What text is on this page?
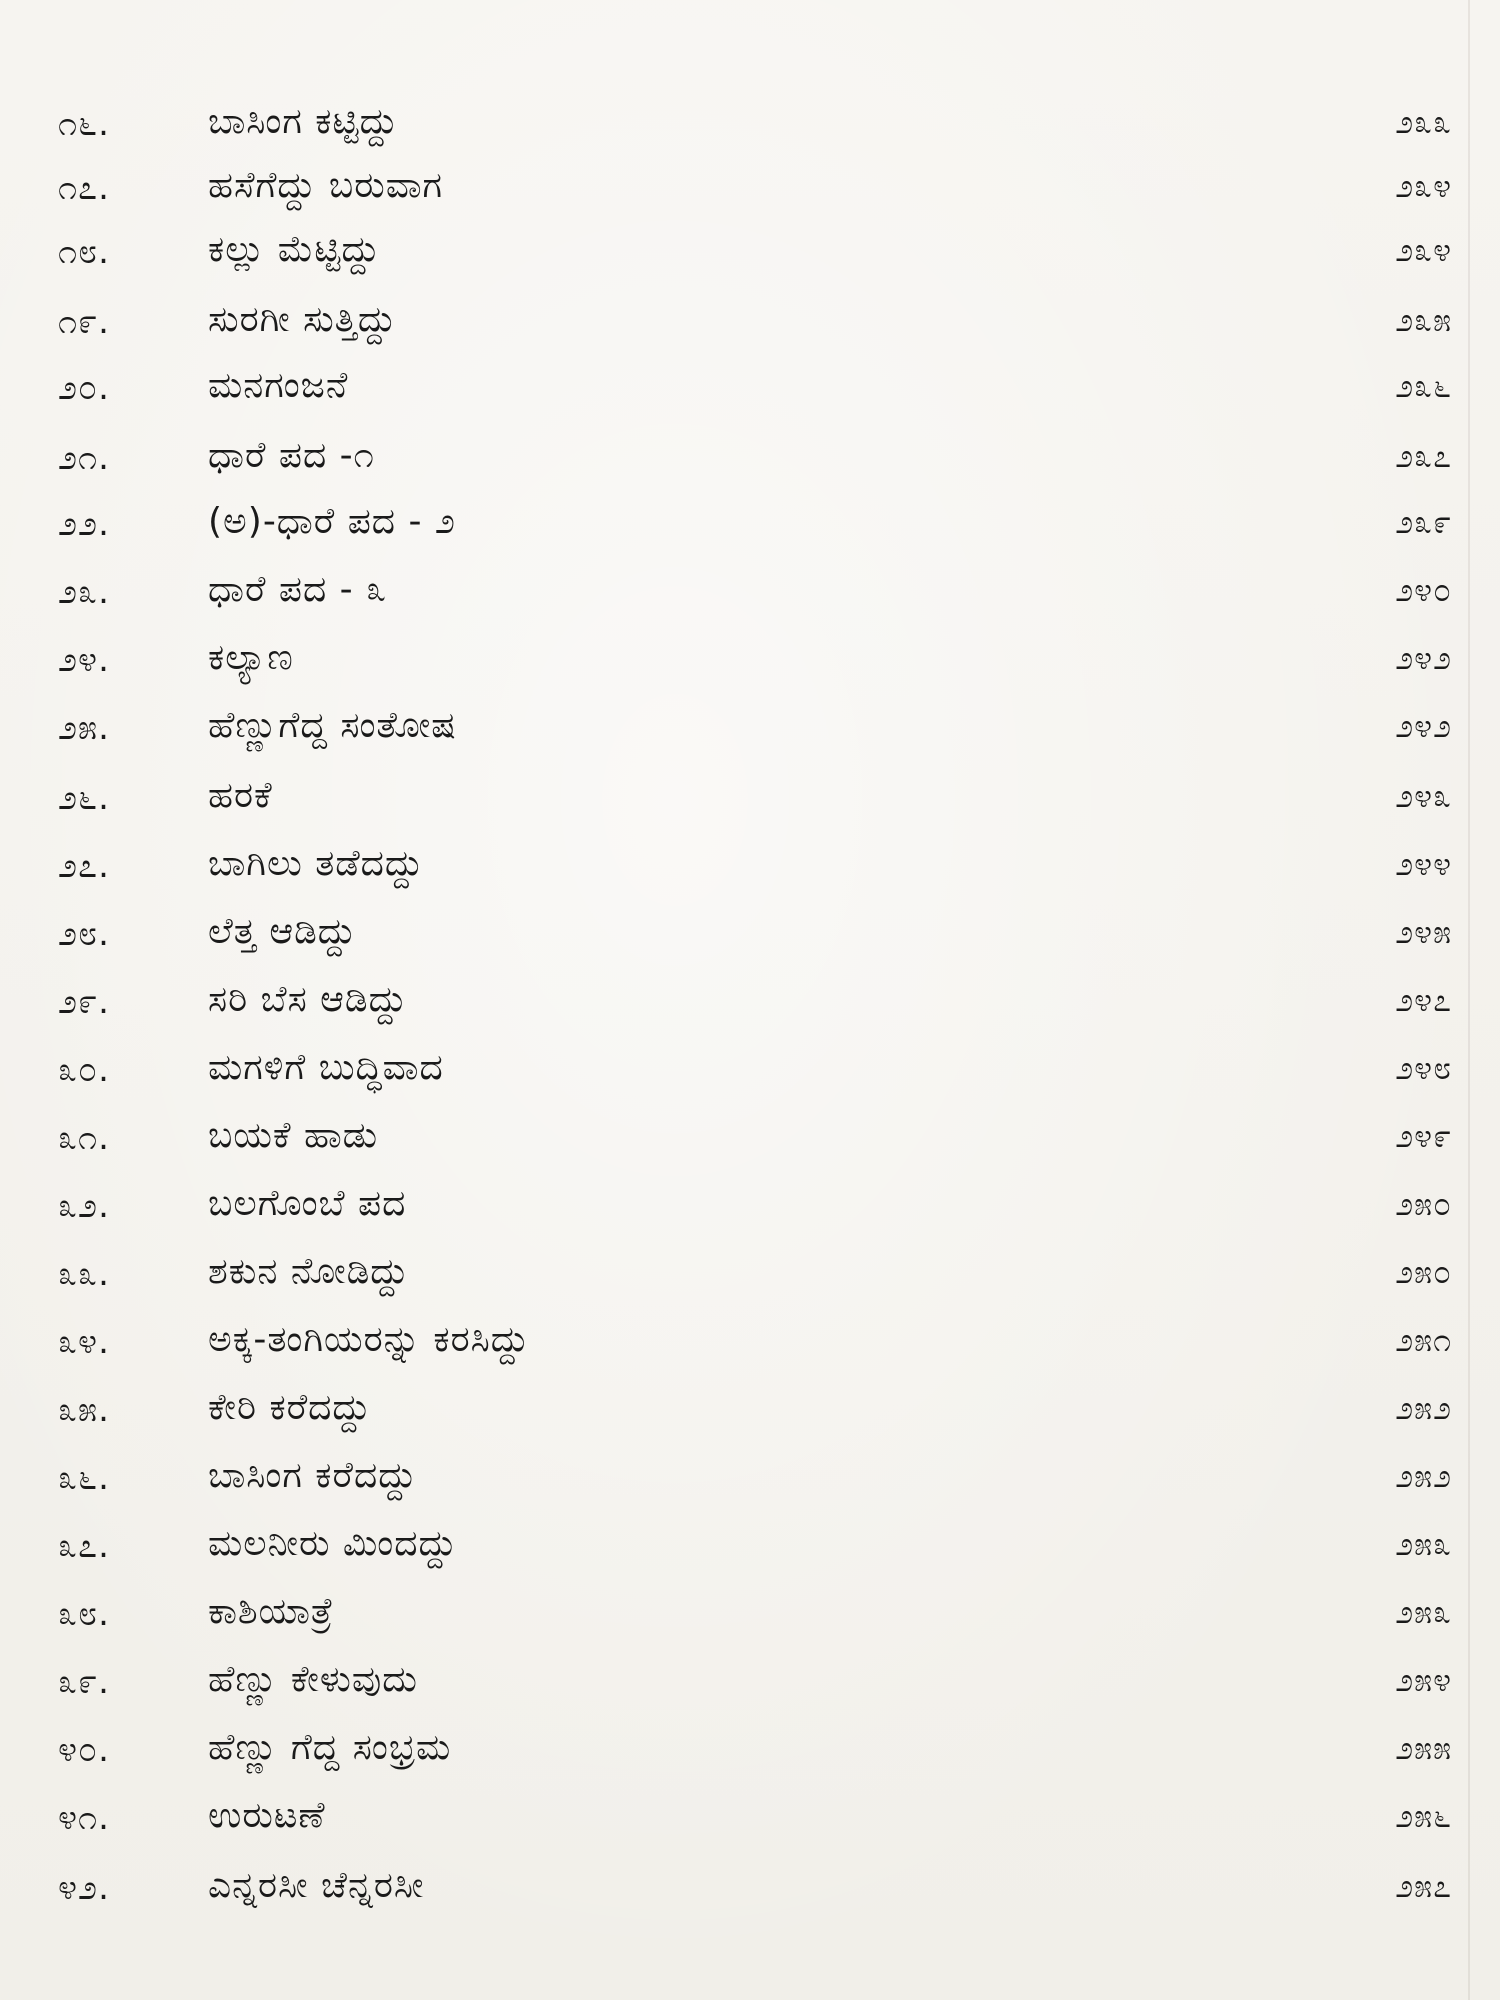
೧೬.	ಬಾಸಿಂಗ ಕಟ್ಟಿದ್ದು	೨೩೩
೧೭.	ಹಸೆಗೆದ್ದು ಬರುವಾಗ	೨೩೪
೧೮.	ಕಲ್ಲು ಮೆಟ್ಟಿದ್ದು	೨೩೪
೧೯.	ಸುರಗೀ ಸುತ್ತಿದ್ದು	೨೩೫
೨೦.	ಮನಗಂಜನೆ	೨೩೬
೨೧.	ಧಾರೆ ಪದ -೧	೨೩೭
೨೨.	(ಅ)-ಧಾರೆ ಪದ - ೨	೨೩೯
೨೩.	ಧಾರೆ ಪದ - ೩	೨೪೦
೨೪.	ಕಲ್ಯಾಣ	೨೪೨
೨೫.	ಹೆಣ್ಣುಗೆದ್ದ ಸಂತೋಷ	೨೪೨
೨೬.	ಹರಕೆ	೨೪೩
೨೭.	ಬಾಗಿಲು ತಡೆದದ್ದು	೨೪೪
೨೮.	ಲೆತ್ತ ಆಡಿದ್ದು	೨೪೫
೨೯.	ಸರಿ ಬೆಸ ಆಡಿದ್ದು	೨೪೭
೩೦.	ಮಗಳಿಗೆ ಬುದ್ಧಿವಾದ	೨೪೮
೩೧.	ಬಯಕೆ ಹಾಡು	೨೪೯
೩೨.	ಬಲಗೊಂಬೆ ಪದ	೨೫೦
೩೩.	ಶಕುನ ನೋಡಿದ್ದು	೨೫೦
೩೪.	ಅಕ್ಕ-ತಂಗಿಯರನ್ನು ಕರಸಿದ್ದು	೨೫೧
೩೫.	ಕೇರಿ ಕರೆದದ್ದು	೨೫೨
೩೬.	ಬಾಸಿಂಗ ಕರೆದದ್ದು	೨೫೨
೩೭.	ಮಲನೀರು ಮಿಂದದ್ದು	೨೫೩
೩೮.	ಕಾಶಿಯಾತ್ರೆ	೨೫೩
೩೯.	ಹೆಣ್ಣು ಕೇಳುವುದು	೨೫೪
೪೦.	ಹೆಣ್ಣು ಗೆದ್ದ ಸಂಭ್ರಮ	೨೫೫
೪೧.	ಉರುಟಣೆ	೨೫೬
೪೨.	ಎನ್ನರಸೀ ಚೆನ್ನರಸೀ	೨೫೭
